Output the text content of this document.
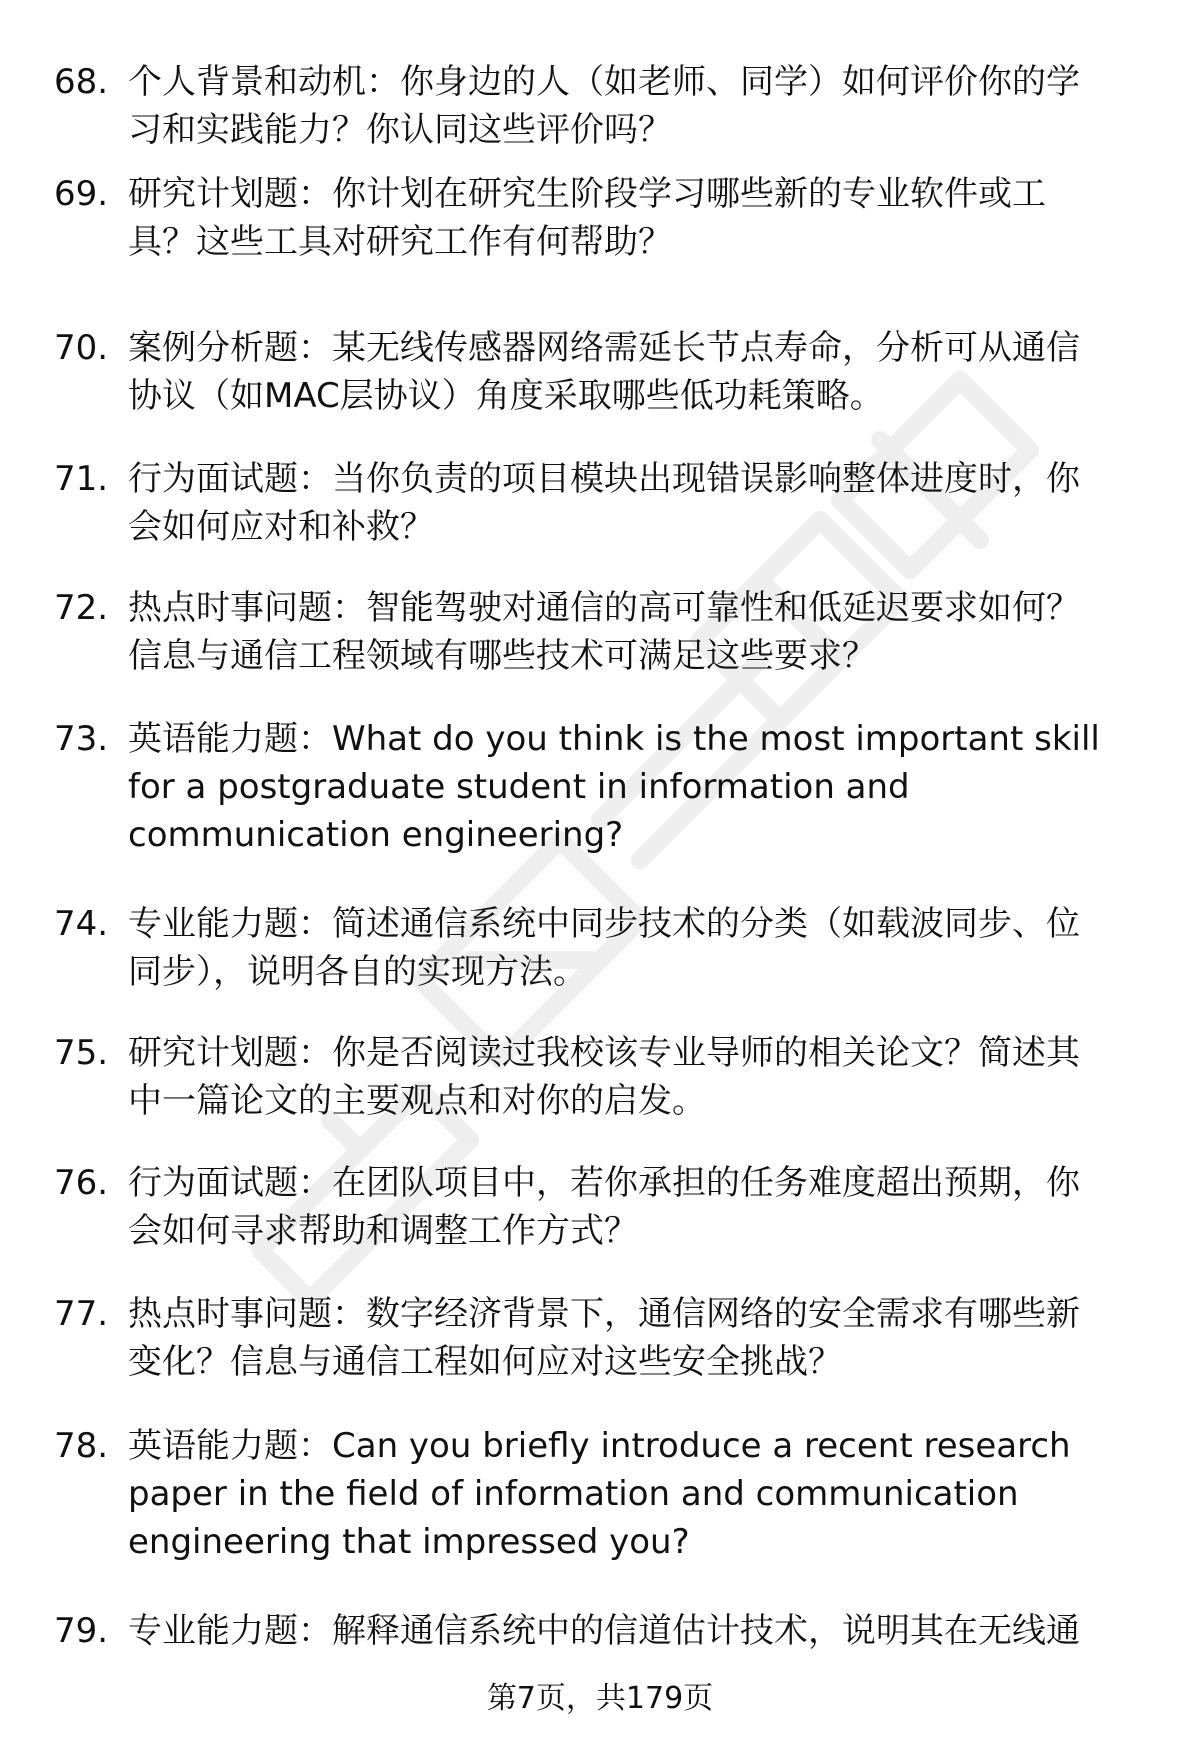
68. 个人背景和动机：你身边的人（如老师、同学）如何评价你的学
习和实践能力？你认同这些评价吗？
69. 研究计划题：你计划在研究生阶段学习哪些新的专业软件或工
具？这些工具对研究工作有何帮助？
70. 案例分析题：某无线传感器网络需延长节点寿命，分析可从通信
协议（如MAC层协议）角度采取哪些低功耗策略。
71. 行为面试题：当你负责的项目模块出现错误影响整体进度时，你
会如何应对和补救？
72. 热点时事问题：智能驾驶对通信的高可靠性和低延迟要求如何？
信息与通信工程领域有哪些技术可满足这些要求？
73. 英语能力题：What do you think is the most important skill
for a postgraduate student in information and
communication engineering?
74. 专业能力题：简述通信系统中同步技术的分类（如载波同步、位
同步），说明各自的实现方法。
75. 研究计划题：你是否阅读过我校该专业导师的相关论文？简述其
中一篇论文的主要观点和对你的启发。
76. 行为面试题：在团队项目中，若你承担的任务难度超出预期，你
会如何寻求帮助和调整工作方式？
77. 热点时事问题：数字经济背景下，通信网络的安全需求有哪些新
变化？信息与通信工程如何应对这些安全挑战？
78. 英语能力题：Can you briefly introduce a recent research
paper in the field of information and communication
engineering that impressed you?
79. 专业能力题：解释通信系统中的信道估计技术，说明其在无线通
第7页，共179页
